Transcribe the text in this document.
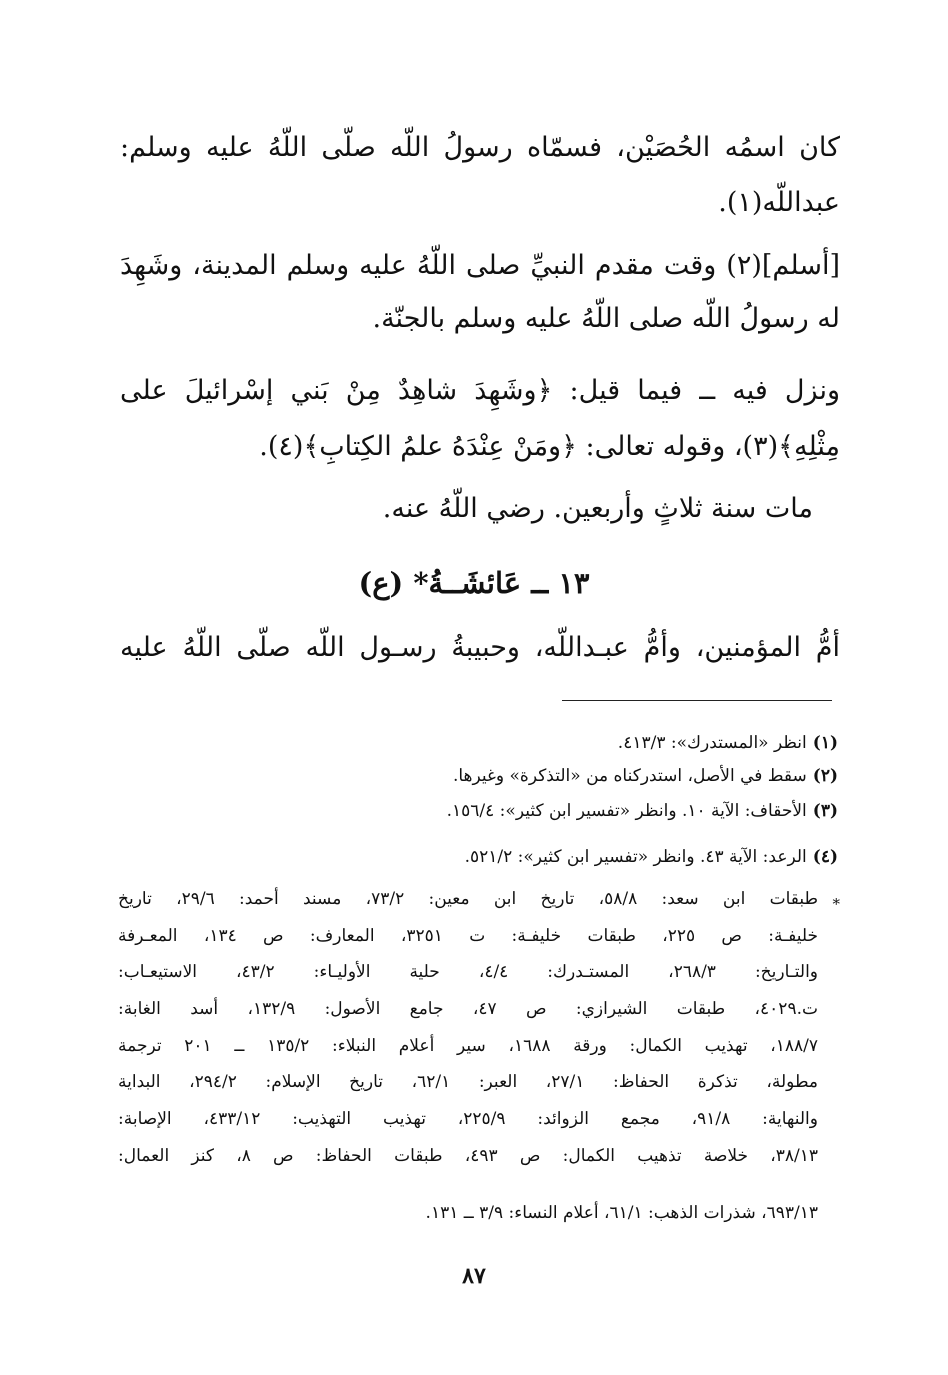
كان اسمُه الحُصَيْن، فسمّاه رسولُ اللّه صلّى اللّهُ عليه وسلم:
عبداللّه(١).
[أسلم](٢) وقت مقدم النبيِّ صلى اللّهُ عليه وسلم المدينة، وشَهِدَ
له رسولُ اللّه صلى اللّهُ عليه وسلم بالجنّة.
ونزل فيه ــ فيما قيل: ﴿وشَهِدَ شاهِدٌ مِنْ بَني إسْرائيلَ على
مِثْلِهِ﴾(٣)، وقوله تعالى: ﴿ومَنْ عِنْدَهُ علمُ الكِتابِ﴾(٤).
مات سنة ثلاثٍ وأربعين. رضي اللّهُ عنه.
١٣ ــ عَائشَــةُ* (ع)
أمُّ المؤمنين، وأمُّ عبـداللّه، وحبيبةُ رسـول اللّه صلّى اللّهُ عليه
(١)انظر «المستدرك»: ٤١٣/٣.
(٢)سقط في الأصل، استدركناه من «التذكرة» وغيرها.
(٣)الأحقاف: الآية ١٠. وانظر «تفسير ابن كثير»: ١٥٦/٤.
(٤)الرعد: الآية ٤٣. وانظر «تفسير ابن كثير»: ٥٢١/٢.
*
طبقات ابن سعد: ٥٨/٨، تاريخ ابن معين: ٧٣/٢، مسند أحمد: ٢٩/٦، تاريخ
خليفـة: ص ٢٢٥، طبقات خليفـة: ت ٣٢٥١، المعارف: ص ١٣٤، المعـرفة
والتـاريخ: ٢٦٨/٣، المستـدرك: ٤/٤، حلية الأوليـاء: ٤٣/٢، الاستيعـاب:
ت.٤٠٢٩، طبقات الشيرازي: ص ٤٧، جامع الأصول: ١٣٢/٩، أسد الغابة:
١٨٨/٧، تهذيب الكمال: ورقة ١٦٨٨، سير أعلام النبلاء: ١٣٥/٢ ــ ٢٠١ ترجمة
مطولة، تذكرة الحفاظ: ٢٧/١، العبر: ٦٢/١، تاريخ الإسلام: ٢٩٤/٢، البداية
والنهاية: ٩١/٨، مجمع الزوائد: ٢٢٥/٩، تهذيب التهذيب: ٤٣٣/١٢، الإصابة:
٣٨/١٣، خلاصة تذهيب الكمال: ص ٤٩٣، طبقات الحفاظ: ص ٨، كنز العمال:
٦٩٣/١٣، شذرات الذهب: ٦١/١، أعلام النساء: ٣/٩ ــ ١٣١.
٨٧
